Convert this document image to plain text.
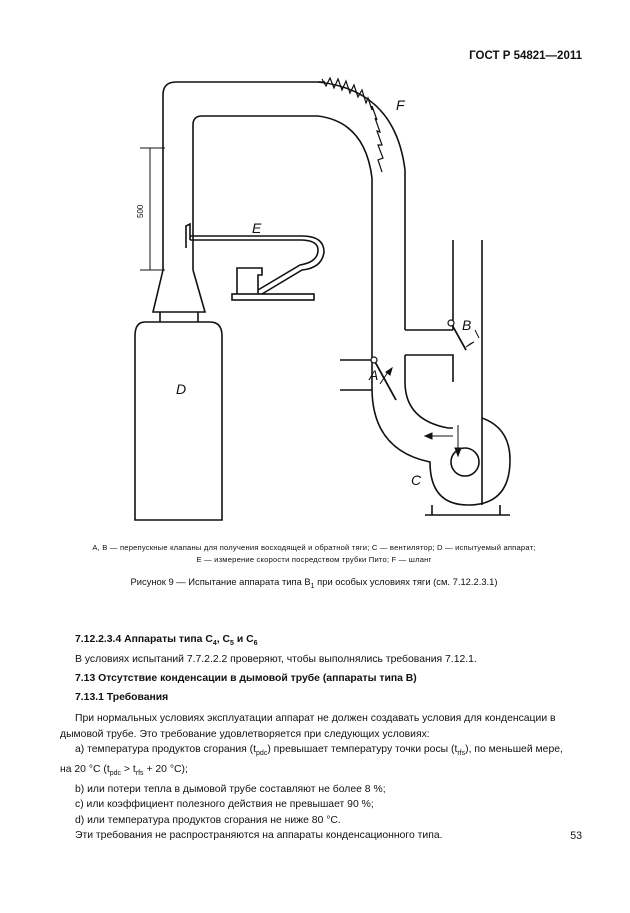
ГОСТ Р 54821—2011
500
F
E
D
A
B
C
A, B — перепускные клапаны для получения восходящей и обратной тяги; C — вентилятор; D — испытуемый аппарат;
E — измерение скорости посредством трубки Пито; F — шланг
Рисунок 9 — Испытание аппарата типа $B_1$ при особых условиях тяги (см. 7.12.2.3.1)
7.12.2.3.4 Аппараты типа $C_4$, $C_5$ и $C_6$
В условиях испытаний 7.7.2.2.2 проверяют, чтобы выполнялись требования 7.12.1.
7.13 Отсутствие конденсации в дымовой трубе (аппараты типа B)
7.13.1 Требования
При нормальных условиях эксплуатации аппарат не должен создавать условия для конденсации в дымовой трубе. Это требование удовлетворяется при следующих условиях:
a) температура продуктов сгорания $(t_{pdc})$ превышает температуру точки росы $(t_{rfs})$, по меньшей мере,
на 20 °C ($t_{pdc} > t_{rfs} + 20$ °C);
b) или потери тепла в дымовой трубе составляют не более 8 %;
c) или коэффициент полезного действия не превышает 90 %;
d) или температура продуктов сгорания не ниже 80 °C.
Эти требования не распространяются на аппараты конденсационного типа.	53
